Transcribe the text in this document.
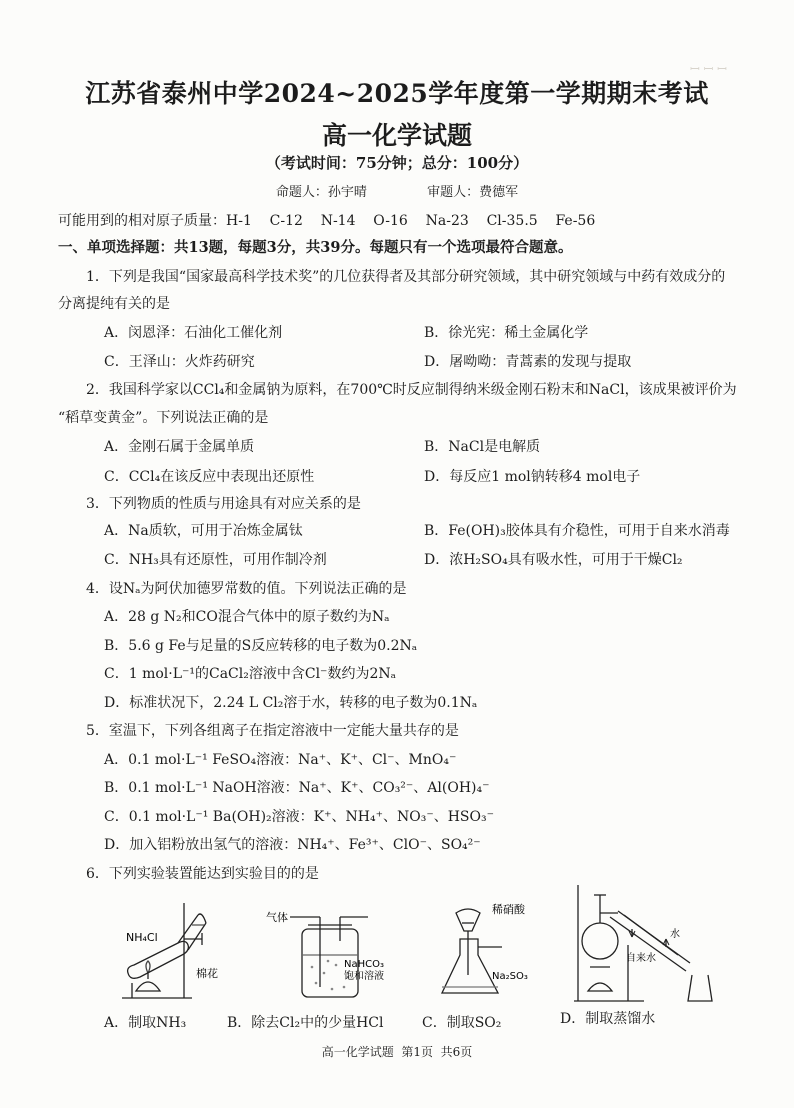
ꟷ ꟷ ꟷ
江苏省泰州中学2024~2025学年度第一学期期末考试
高一化学试题
（考试时间：75分钟；总分：100分）
命题人：孙宇晴	审题人：费德军
可能用到的相对原子质量：H-1    C-12    N-14    O-16    Na-23    Cl-35.5    Fe-56
一、单项选择题：共13题，每题3分，共39分。每题只有一个选项最符合题意。
1．下列是我国“国家最高科学技术奖”的几位获得者及其部分研究领域，其中研究领域与中药有效成分的
分离提纯有关的是
A．闵恩泽：石油化工催化剂	B．徐光宪：稀土金属化学
C．王泽山：火炸药研究	D．屠呦呦：青蒿素的发现与提取
2．我国科学家以CCl₄和金属钠为原料，在700℃时反应制得纳米级金刚石粉末和NaCl，该成果被评价为
“稻草变黄金”。下列说法正确的是
A．金刚石属于金属单质	B．NaCl是电解质
C．CCl₄在该反应中表现出还原性	D．每反应1 mol钠转移4 mol电子
3．下列物质的性质与用途具有对应关系的是
A．Na质软，可用于冶炼金属钛	B．Fe(OH)₃胶体具有介稳性，可用于自来水消毒
C．NH₃具有还原性，可用作制冷剂	D．浓H₂SO₄具有吸水性，可用于干燥Cl₂
4．设Nₐ为阿伏加德罗常数的值。下列说法正确的是
A．28 g N₂和CO混合气体中的原子数约为Nₐ
B．5.6 g Fe与足量的S反应转移的电子数为0.2Nₐ
C．1 mol·L⁻¹的CaCl₂溶液中含Cl⁻数约为2Nₐ
D．标准状况下，2.24 L Cl₂溶于水，转移的电子数为0.1Nₐ
5．室温下，下列各组离子在指定溶液中一定能大量共存的是
A．0.1 mol·L⁻¹ FeSO₄溶液：Na⁺、K⁺、Cl⁻、MnO₄⁻
B．0.1 mol·L⁻¹ NaOH溶液：Na⁺、K⁺、CO₃²⁻、Al(OH)₄⁻
C．0.1 mol·L⁻¹ Ba(OH)₂溶液：K⁺、NH₄⁺、NO₃⁻、HSO₃⁻
D．加入铝粉放出氢气的溶液：NH₄⁺、Fe³⁺、ClO⁻、SO₄²⁻
6．下列实验装置能达到实验目的的是
NH₄Cl
棉花
A．制取NH₃
气体
NaHCO₃
饱和溶液
B．除去Cl₂中的少量HCl
稀硝酸
Na₂SO₃
C．制取SO₂
自来水
水
D．制取蒸馏水
高一化学试题  第1页  共6页
